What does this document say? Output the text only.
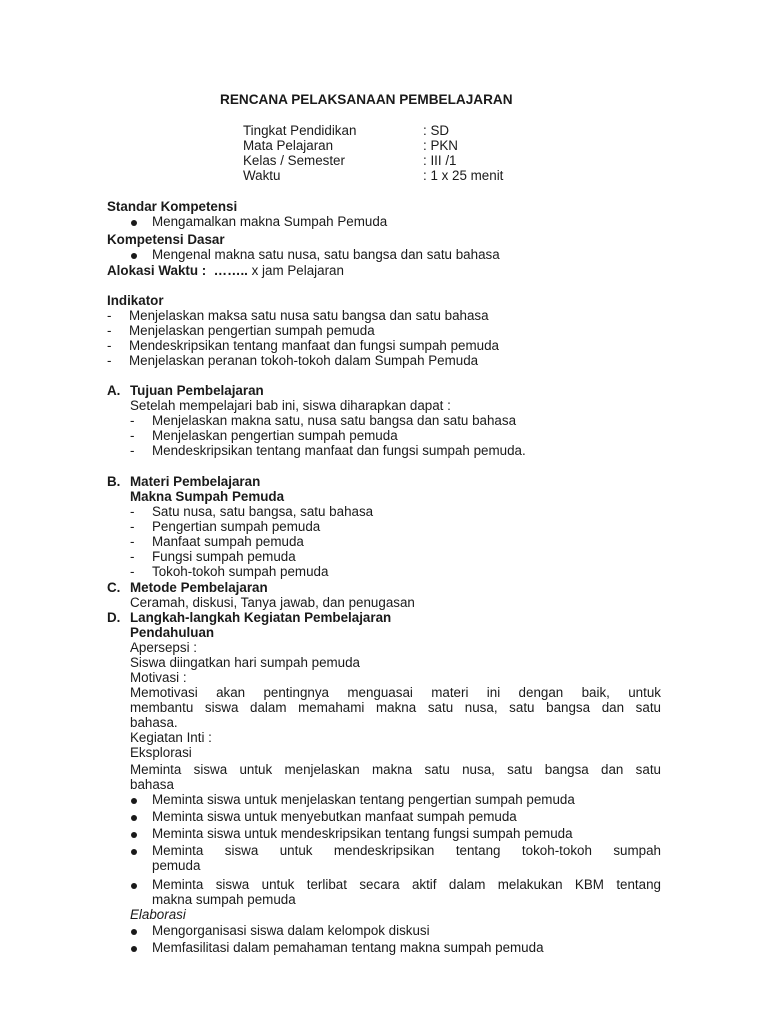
RENCANA PELAKSANAAN PEMBELAJARAN
Tingkat Pendidikan	: SD
Mata Pelajaran	: PKN
Kelas / Semester	: III /1
Waktu	: 1 x 25 menit
Standar Kompetensi
Mengamalkan makna Sumpah Pemuda
Kompetensi Dasar
Mengenal makna satu nusa, satu bangsa dan satu bahasa
Alokasi Waktu : …….. x jam Pelajaran
Indikator
- Menjelaskan maksa satu nusa satu bangsa dan satu bahasa
- Menjelaskan pengertian sumpah pemuda
- Mendeskripsikan tentang manfaat dan fungsi sumpah pemuda
- Menjelaskan peranan tokoh-tokoh dalam Sumpah Pemuda
A. Tujuan Pembelajaran
Setelah mempelajari bab ini, siswa diharapkan dapat :
- Menjelaskan makna satu, nusa satu bangsa dan satu bahasa
- Menjelaskan pengertian sumpah pemuda
- Mendeskripsikan tentang manfaat dan fungsi sumpah pemuda.
B. Materi Pembelajaran
Makna Sumpah Pemuda
- Satu nusa, satu bangsa, satu bahasa
- Pengertian sumpah pemuda
- Manfaat sumpah pemuda
- Fungsi sumpah pemuda
- Tokoh-tokoh sumpah pemuda
C. Metode Pembelajaran
Ceramah, diskusi, Tanya jawab, dan penugasan
D. Langkah-langkah Kegiatan Pembelajaran
Pendahuluan
Apersepsi :
Siswa diingatkan hari sumpah pemuda
Motivasi :
Memotivasi akan pentingnya menguasai materi ini dengan baik, untuk
membantu siswa dalam memahami makna satu nusa, satu bangsa dan satu
bahasa.
Kegiatan Inti :
Eksplorasi
Meminta siswa untuk menjelaskan makna satu nusa, satu bangsa dan satu
bahasa
Meminta siswa untuk menjelaskan tentang pengertian sumpah pemuda
Meminta siswa untuk menyebutkan manfaat sumpah pemuda
Meminta siswa untuk mendeskripsikan tentang fungsi sumpah pemuda
Meminta siswa untuk mendeskripsikan tentang tokoh-tokoh sumpah
pemuda
Meminta siswa untuk terlibat secara aktif dalam melakukan KBM tentang
makna sumpah pemuda
Elaborasi
Mengorganisasi siswa dalam kelompok diskusi
Memfasilitasi dalam pemahaman tentang makna sumpah pemuda
